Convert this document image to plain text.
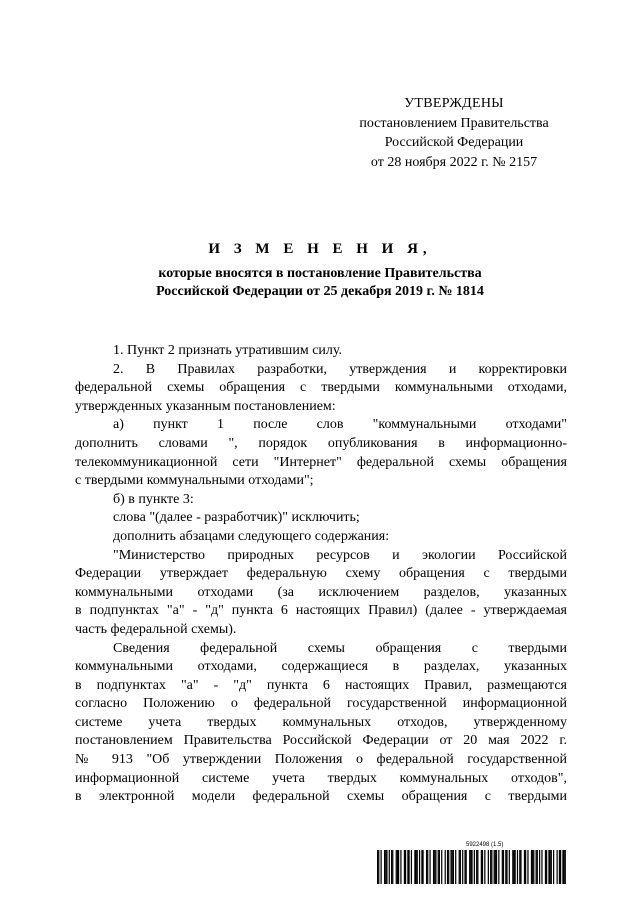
УТВЕРЖДЕНЫ
постановлением Правительства
Российской Федерации
от 28 ноября 2022 г. № 2157
И З М Е Н Е Н И Я,
которые вносятся в постановление Правительства
Российской Федерации от 25 декабря 2019 г. № 1814

1. Пункт 2 признать утратившим силу.

2. В Правилах разработки, утверждения и корректировки

федеральной схемы обращения с твердыми коммунальными отходами,

утвержденных указанным постановлением:

а) пункт 1 после слов "коммунальными отходами"

дополнить словами ", порядок опубликования в информационно-

телекоммуникационной сети "Интернет" федеральной схемы обращения

с твердыми коммунальными отходами";

б) в пункте 3:

слова "(далее - разработчик)" исключить;

дополнить абзацами следующего содержания:

"Министерство природных ресурсов и экологии Российской

Федерации утверждает федеральную схему обращения с твердыми

коммунальными отходами (за исключением разделов, указанных

в подпунктах "а" - "д" пункта 6 настоящих Правил) (далее - утверждаемая

часть федеральной схемы).

Сведения федеральной схемы обращения с твердыми

коммунальными отходами, содержащиеся в разделах, указанных

в подпунктах "а" - "д" пункта 6 настоящих Правил, размещаются

согласно Положению о федеральной государственной информационной

системе учета твердых коммунальных отходов, утвержденному

постановлением Правительства Российской Федерации от 20 мая 2022 г.

№ 913 "Об утверждении Положения о федеральной государственной

информационной системе учета твердых коммунальных отходов",

в электронной модели федеральной схемы обращения с твердыми

5922498 (1.5)
